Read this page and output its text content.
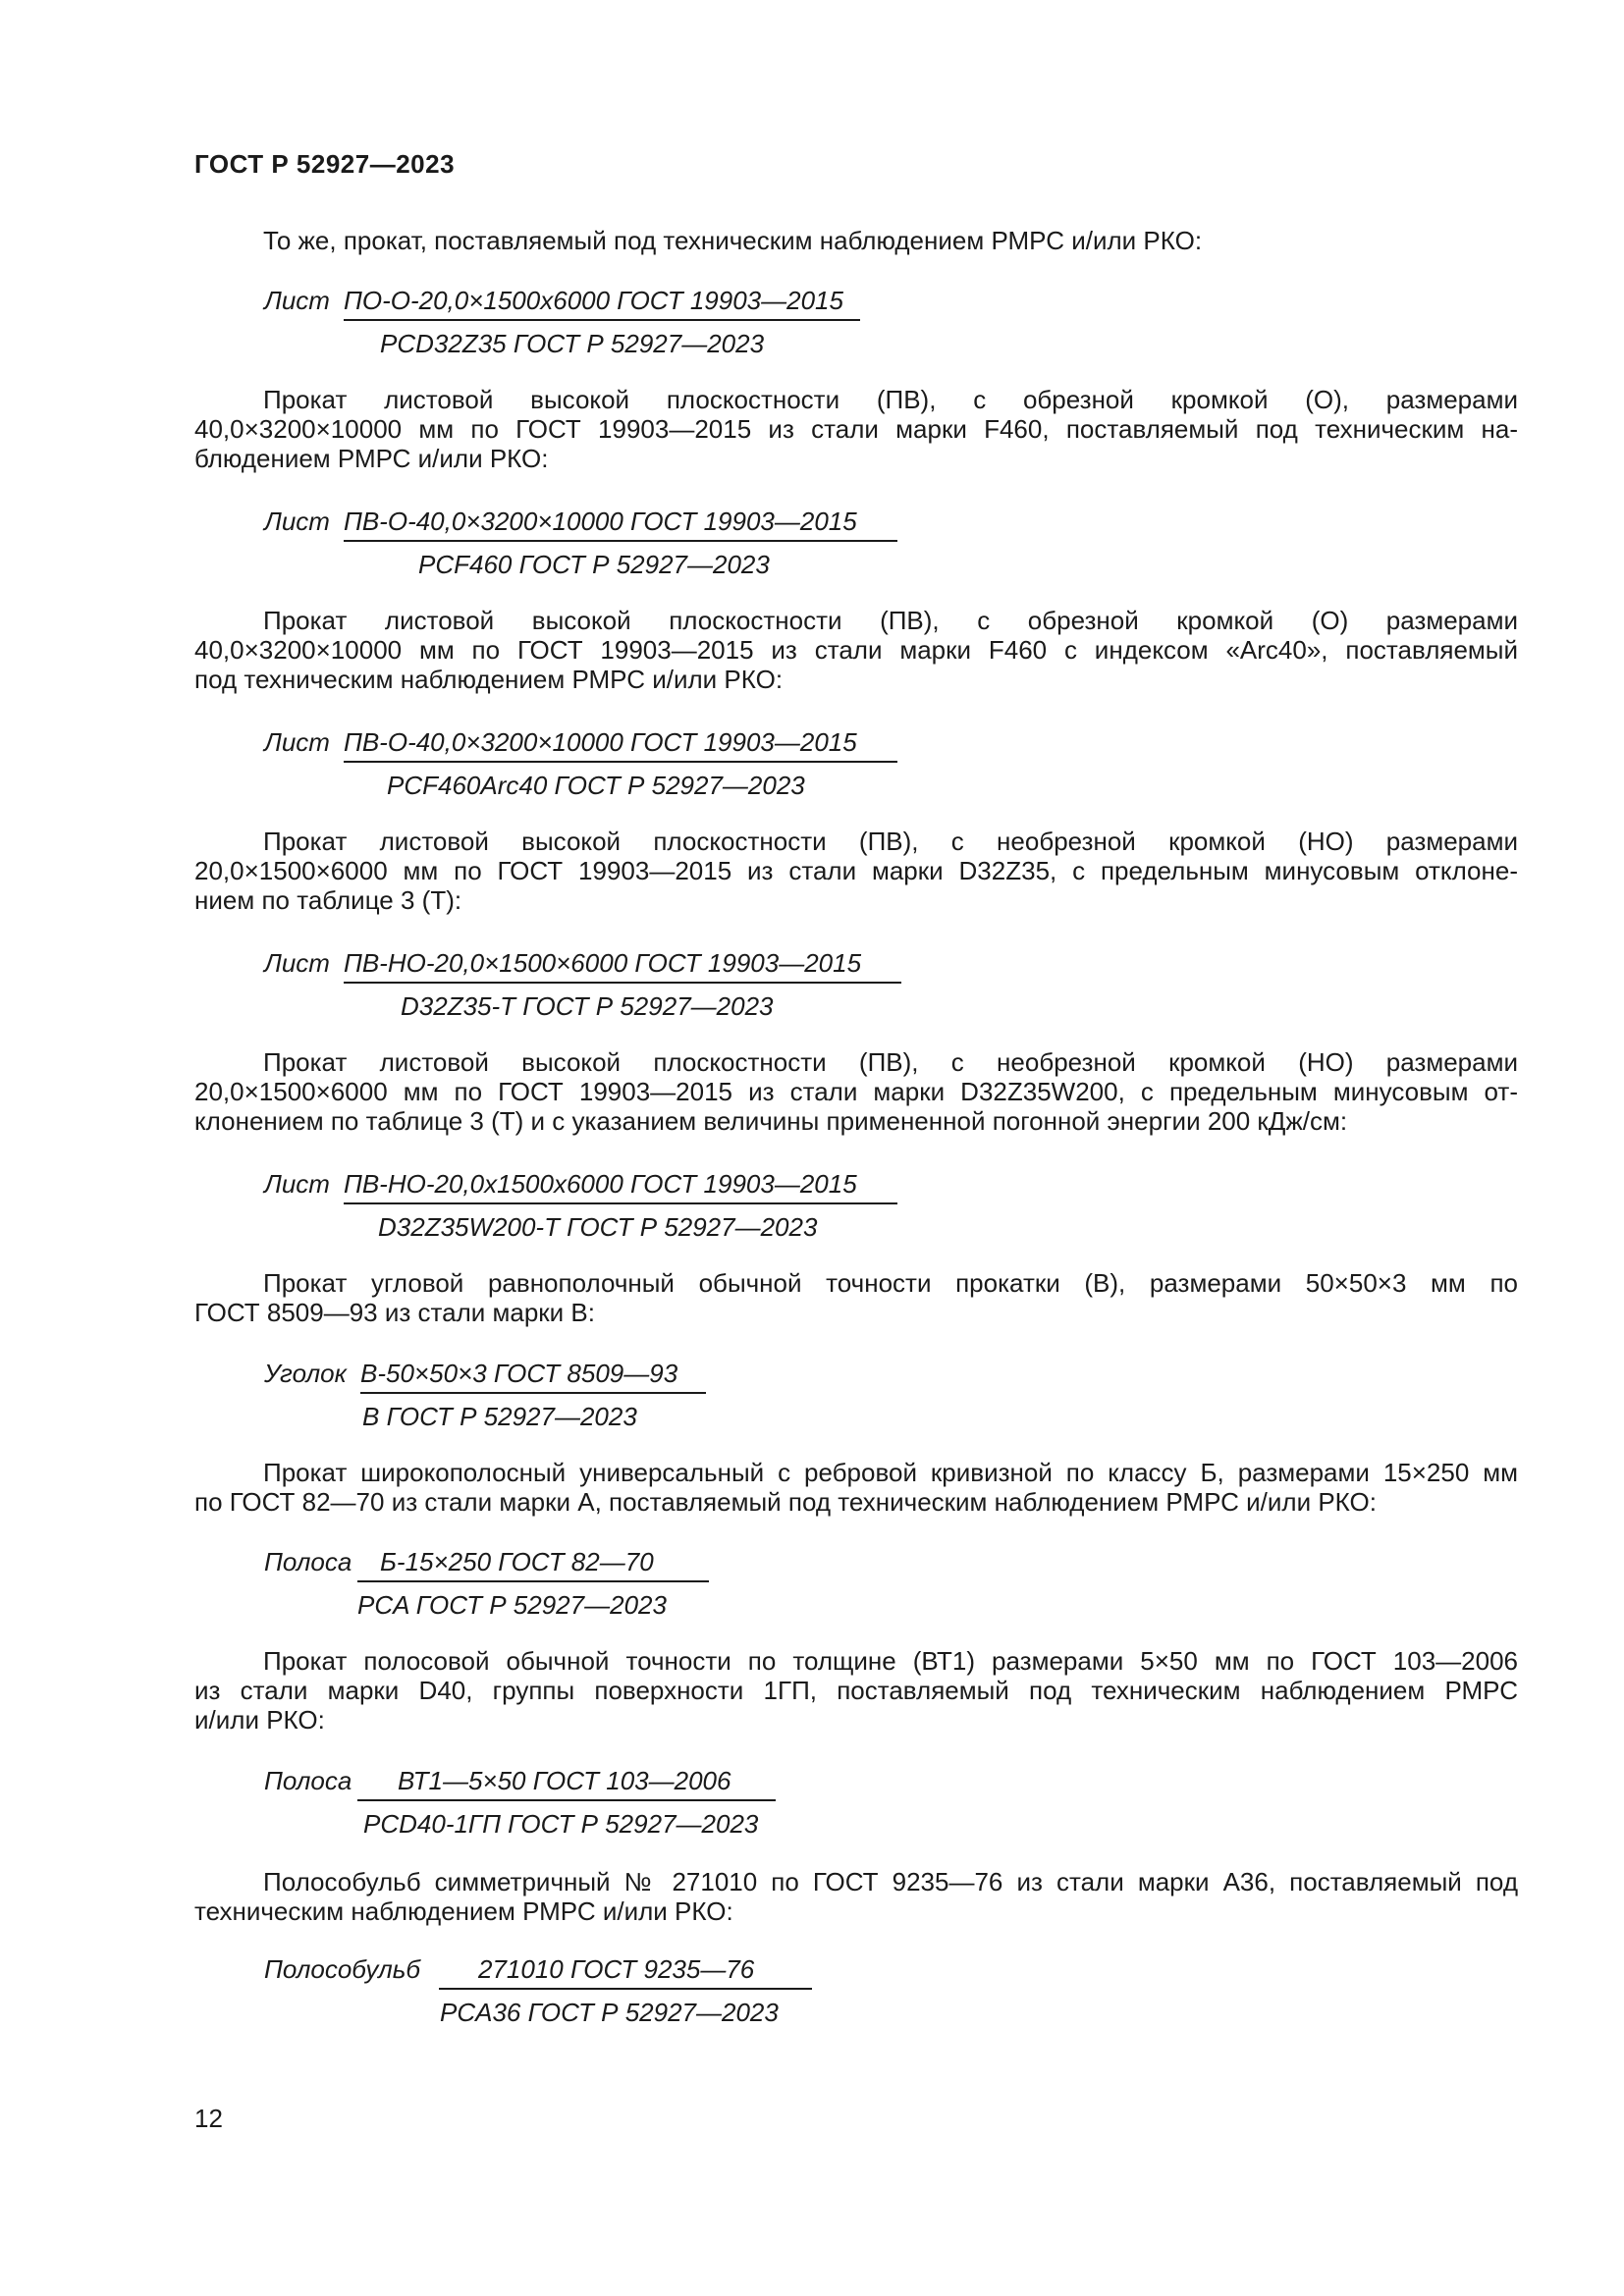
ГОСТ Р 52927—2023
То же, прокат, поставляемый под техническим наблюдением РМРС и/или РКО:
Лист ПО-О-20,0×1500х6000 ГОСТ 19903—2015
PCD32Z35 ГОСТ Р 52927—2023
Прокат листовой высокой плоскостности (ПВ), с обрезной кромкой (О), размерами
40,0×3200×10000 мм по ГОСТ 19903—2015 из стали марки F460, поставляемый под техническим на-
блюдением РМРС и/или РКО:
Лист ПВ-О-40,0×3200×10000 ГОСТ 19903—2015
PCF460 ГОСТ Р 52927—2023
Прокат листовой высокой плоскостности (ПВ), с обрезной кромкой (О) размерами
40,0×3200×10000 мм по ГОСТ 19903—2015 из стали марки F460 с индексом «Arc40», поставляемый
под техническим наблюдением РМРС и/или РКО:
Лист ПВ-О-40,0×3200×10000 ГОСТ 19903—2015
PCF460Arc40 ГОСТ Р 52927—2023
Прокат листовой высокой плоскостности (ПВ), с необрезной кромкой (НО) размерами
20,0×1500×6000 мм по ГОСТ 19903—2015 из стали марки D32Z35, с предельным минусовым отклоне-
нием по таблице 3 (Т):
Лист ПВ-НО-20,0×1500×6000 ГОСТ 19903—2015
D32Z35-Т ГОСТ Р 52927—2023
Прокат листовой высокой плоскостности (ПВ), с необрезной кромкой (НО) размерами
20,0×1500×6000 мм по ГОСТ 19903—2015 из стали марки D32Z35W200, с предельным минусовым от-
клонением по таблице 3 (Т) и с указанием величины примененной погонной энергии 200 кДж/см:
Лист ПВ-НО-20,0х1500х6000 ГОСТ 19903—2015
D32Z35W200-Т ГОСТ Р 52927—2023
Прокат угловой равнополочный обычной точности прокатки (В), размерами 50×50×3 мм по
ГОСТ 8509—93 из стали марки В:
Уголок В-50×50×3 ГОСТ 8509—93
В ГОСТ Р 52927—2023
Прокат широкополосный универсальный с ребровой кривизной по классу Б, размерами 15×250 мм
по ГОСТ 82—70 из стали марки А, поставляемый под техническим наблюдением РМРС и/или РКО:
Полоса Б-15×250 ГОСТ 82—70
PCA ГОСТ Р 52927—2023
Прокат полосовой обычной точности по толщине (ВТ1) размерами 5×50 мм по ГОСТ 103—2006
из стали марки D40, группы поверхности 1ГП, поставляемый под техническим наблюдением РМРС
и/или РКО:
Полоса ВТ1—5×50 ГОСТ 103—2006
PCD40-1ГП ГОСТ Р 52927—2023
Полособульб симметричный № 271010 по ГОСТ 9235—76 из стали марки А36, поставляемый под
техническим наблюдением РМРС и/или РКО:
Полособульб 271010 ГОСТ 9235—76
PCA36 ГОСТ Р 52927—2023
12
